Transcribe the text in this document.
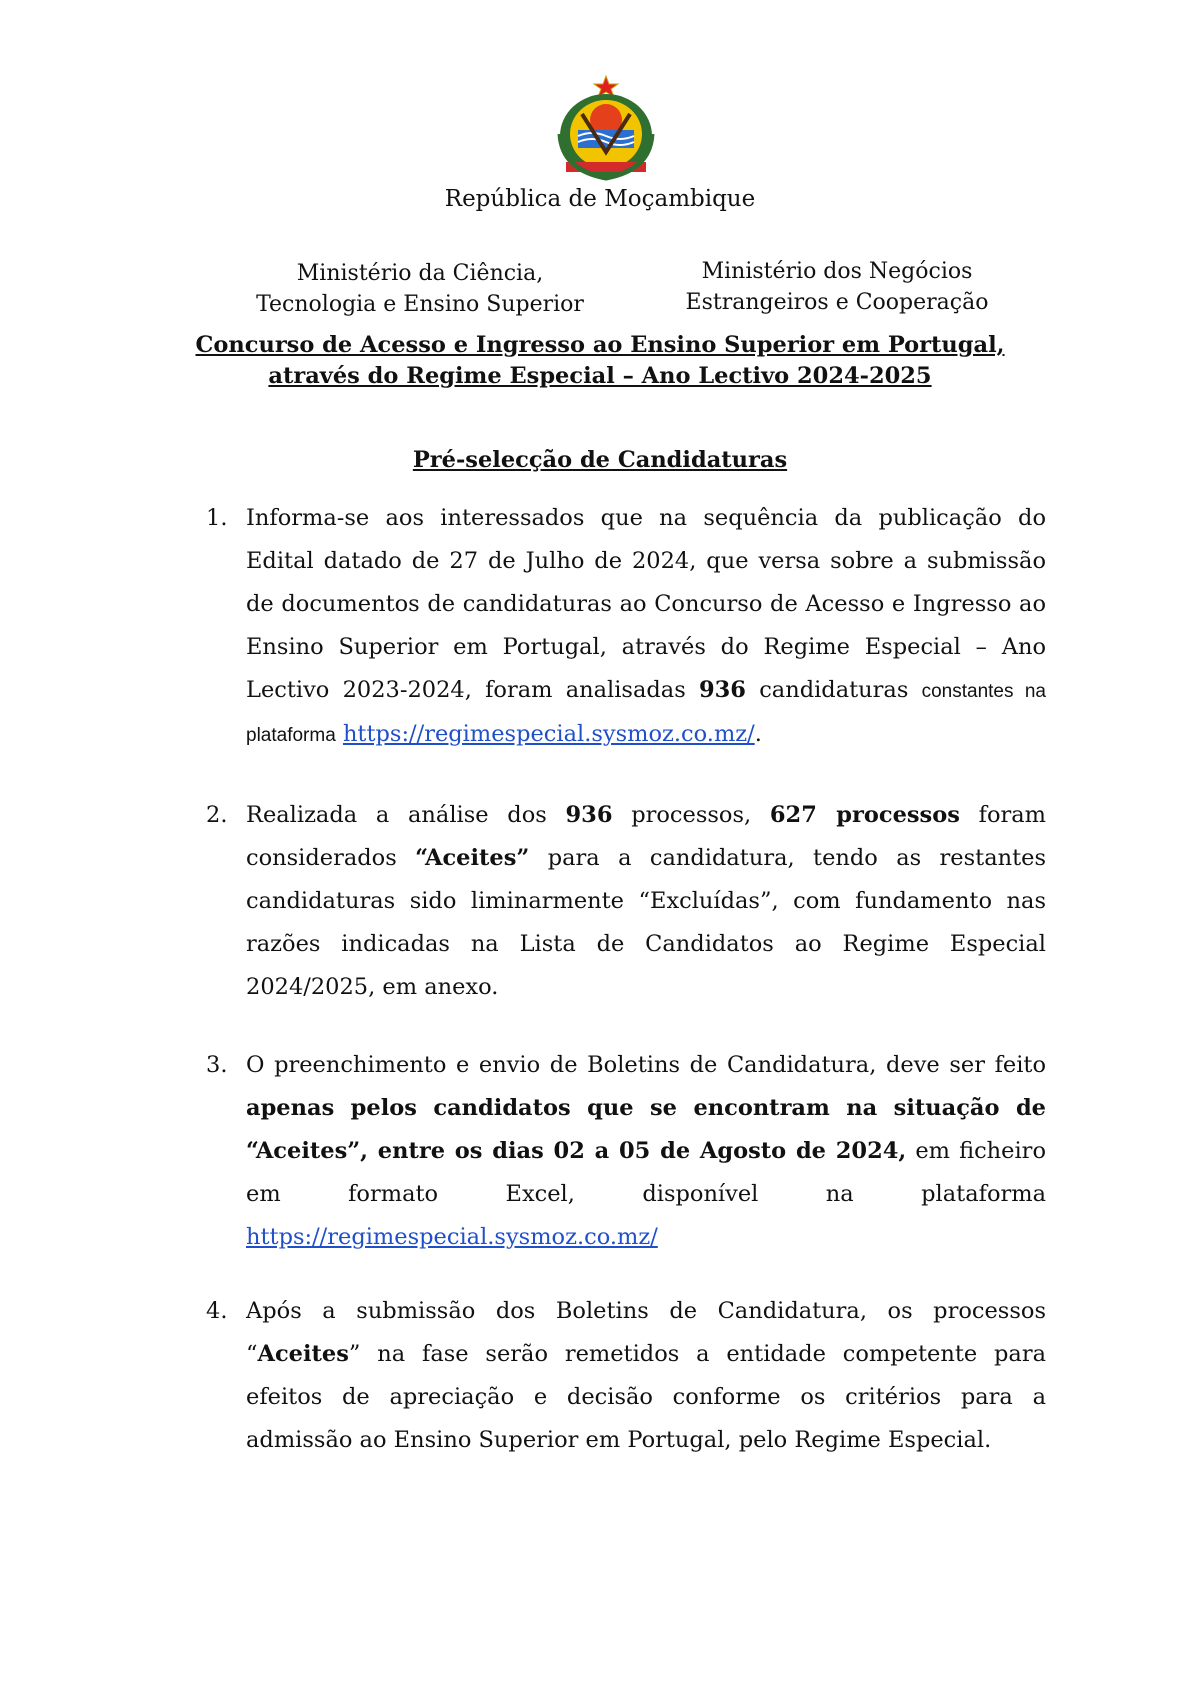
República de Moçambique
Ministério da Ciência,
Tecnologia e Ensino Superior
Ministério dos Negócios
Estrangeiros e Cooperação
Concurso de Acesso e Ingresso ao Ensino Superior em Portugal,
através do Regime Especial – Ano Lectivo 2024-2025
Pré-selecção de Candidaturas
1. Informa-se aos interessados que na sequência da publicação do Edital datado de 27 de Julho de 2024, que versa sobre a submissão de documentos de candidaturas ao Concurso de Acesso e Ingresso ao Ensino Superior em Portugal, através do Regime Especial – Ano Lectivo 2023-2024, foram analisadas 936 candidaturas constantes na plataforma https://regimespecial.sysmoz.co.mz/.
2. Realizada a análise dos 936 processos, 627 processos foram considerados “Aceites” para a candidatura, tendo as restantes candidaturas sido liminarmente “Excluídas”, com fundamento nas razões indicadas na Lista de Candidatos ao Regime Especial 2024/2025, em anexo.
3. O preenchimento e envio de Boletins de Candidatura, deve ser feito apenas pelos candidatos que se encontram na situação de “Aceites”, entre os dias 02 a 05 de Agosto de 2024, em ficheiro em formato Excel, disponível na plataforma
https://regimespecial.sysmoz.co.mz/
4. Após a submissão dos Boletins de Candidatura, os processos “Aceites” na fase serão remetidos a entidade competente para efeitos de apreciação e decisão conforme os critérios para a admissão ao Ensino Superior em Portugal, pelo Regime Especial.
